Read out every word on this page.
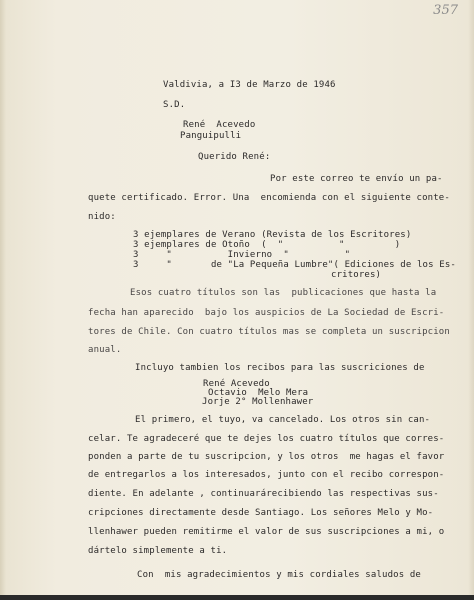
357
Valdivia, a I3 de Marzo de 1946
S.D.
René  Acevedo
Panguipulli
Querido René:
Por este correo te envío un pa-
quete certificado. Error. Una  encomienda con el siguiente conte-
nido:
3 ejemplares de Verano (Revista de los Escritores)
3 ejemplares de Otoño  (  "          "         )
3     "          Invierno  "          "
3     "       de "La Pequeña Lumbre"( Ediciones de los Es-
critores)
Esos cuatro títulos son las  publicaciones que hasta la
fecha han aparecido  bajo los auspicios de La Sociedad de Escri-
tores de Chile. Con cuatro títulos mas se completa un suscripcion
anual.
Incluyo tambien los recibos para las suscriciones de
René Acevedo
Octavio  Melo Mera
Jorje 2° Mollenhawer
El primero, el tuyo, va cancelado. Los otros sin can-
celar. Te agradeceré que te dejes los cuatro títulos que corres-
ponden a parte de tu suscripcion, y los otros  me hagas el favor
de entregarlos a los interesados, junto con el recibo correspon-
diente. En adelante , continuarárecibiendo las respectivas sus-
cripciones directamente desde Santiago. Los señores Melo y Mo-
llenhawer pueden remitirme el valor de sus suscripciones a mi, o
dártelo simplemente a ti.
Con  mis agradecimientos y mis cordiales saludos de
